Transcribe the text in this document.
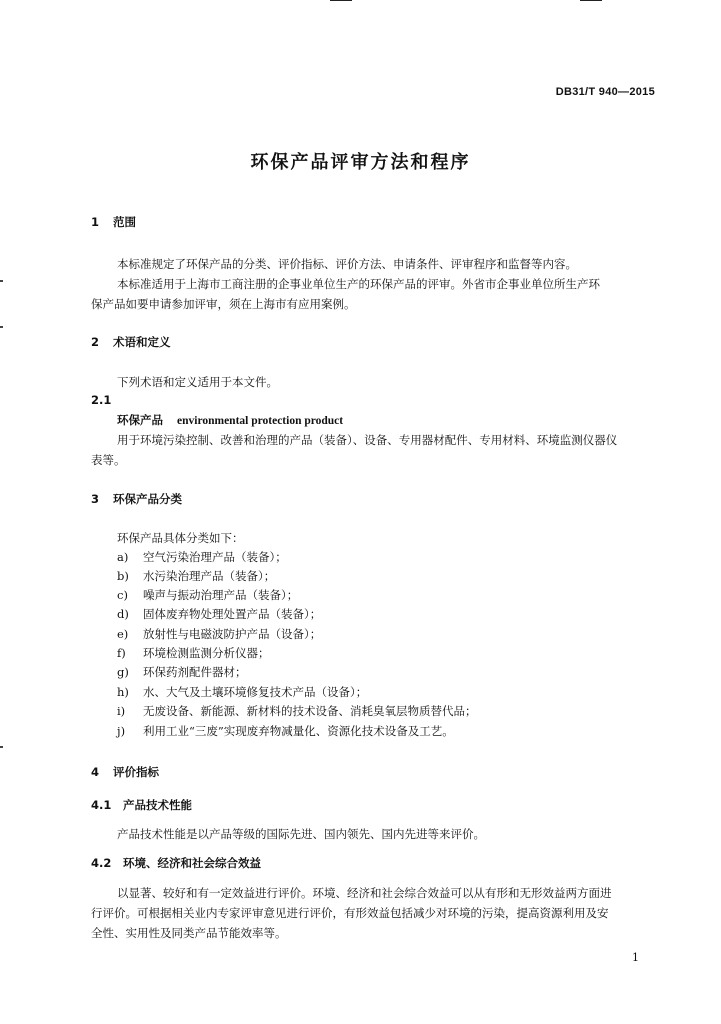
DB31/T 940—2015
环保产品评审方法和程序
1 范围
本标准规定了环保产品的分类、评价指标、评价方法、申请条件、评审程序和监督等内容。
本标准适用于上海市工商注册的企事业单位生产的环保产品的评审。外省市企事业单位所生产环
保产品如要申请参加评审，须在上海市有应用案例。
2 术语和定义
下列术语和定义适用于本文件。
2.1
环保产品 environmental protection product
用于环境污染控制、改善和治理的产品（装备）、设备、专用器材配件、专用材料、环境监测仪器仪
表等。
3 环保产品分类
环保产品具体分类如下：
a) 空气污染治理产品（装备）；
b) 水污染治理产品（装备）；
c) 噪声与振动治理产品（装备）；
d) 固体废弃物处理处置产品（装备）；
e) 放射性与电磁波防护产品（设备）；
f) 环境检测监测分析仪器；
g) 环保药剂配件器材；
h) 水、大气及土壤环境修复技术产品（设备）；
i) 无废设备、新能源、新材料的技术设备、消耗臭氧层物质替代品；
j) 利用工业“三废”实现废弃物减量化、资源化技术设备及工艺。
4 评价指标
4.1 产品技术性能
产品技术性能是以产品等级的国际先进、国内领先、国内先进等来评价。
4.2 环境、经济和社会综合效益
以显著、较好和有一定效益进行评价。环境、经济和社会综合效益可以从有形和无形效益两方面进
行评价。可根据相关业内专家评审意见进行评价，有形效益包括减少对环境的污染，提高资源利用及安
全性、实用性及同类产品节能效率等。
1
